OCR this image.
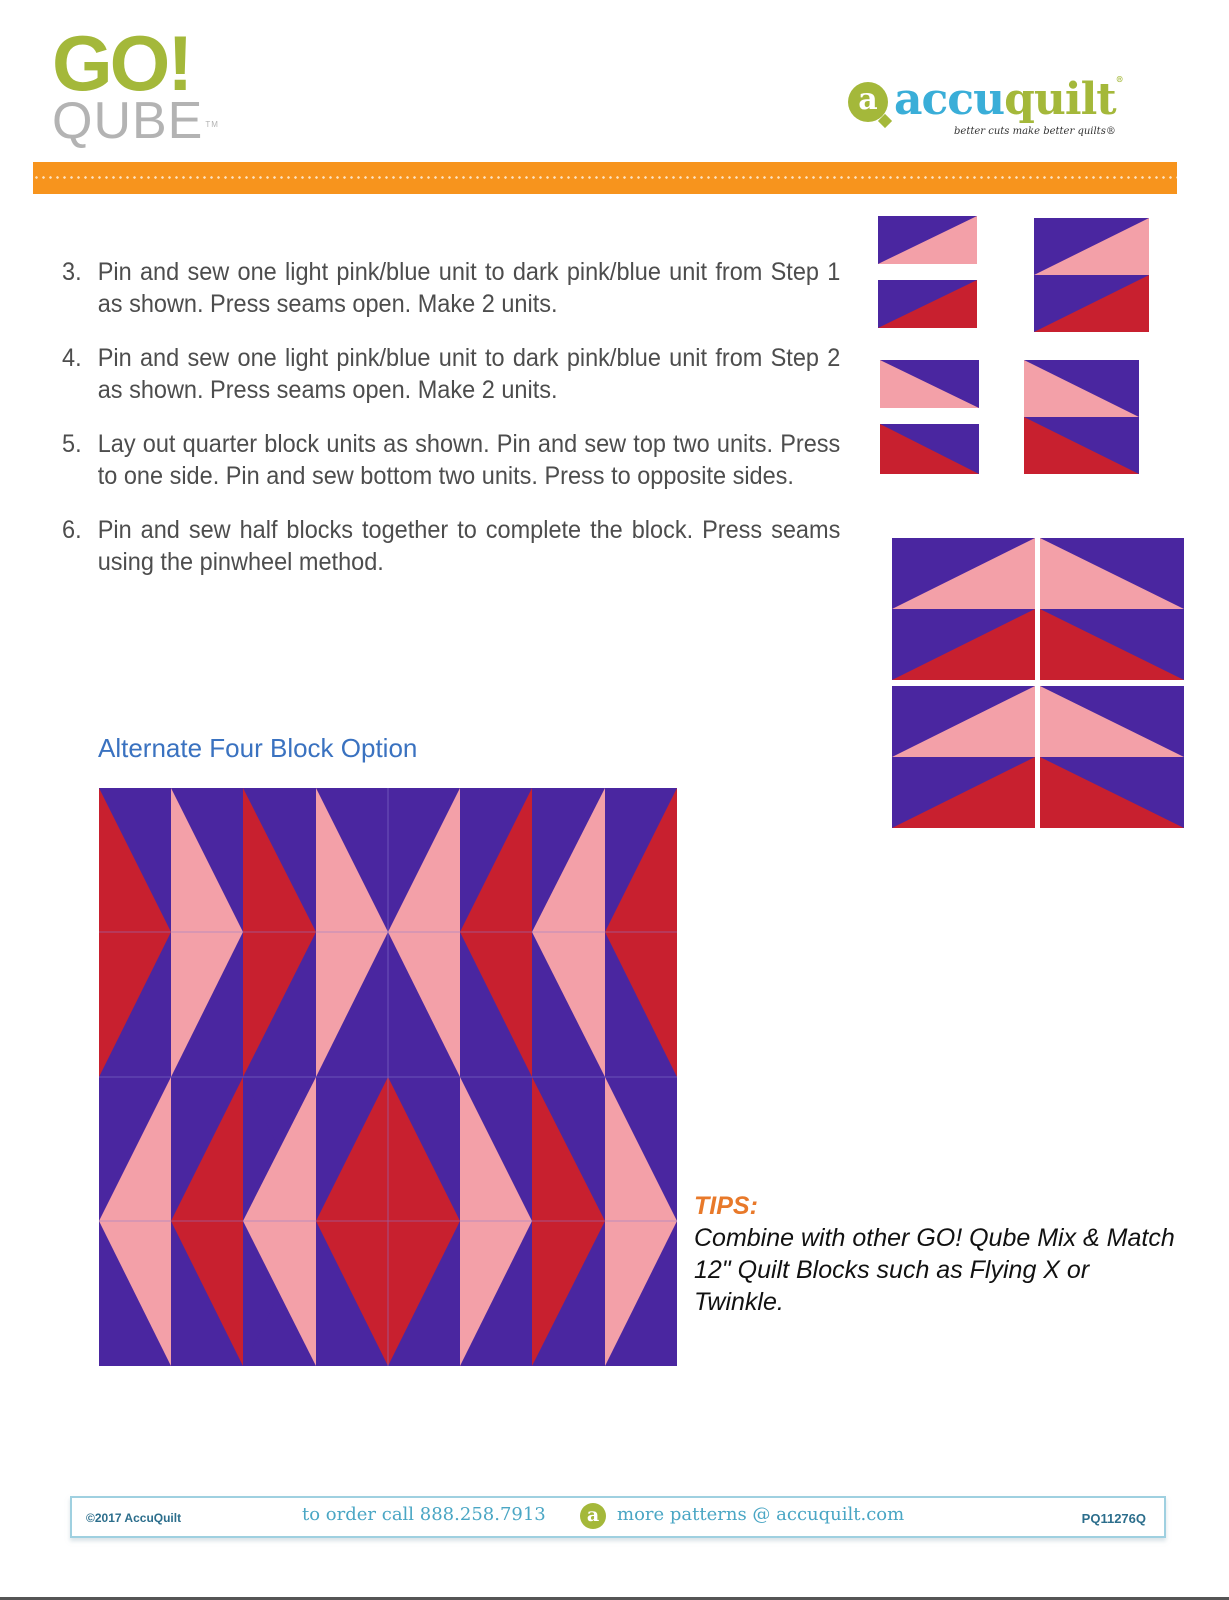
GO!
QUBE TM
a accuquilt®
better cuts make better quilts®
3. Pin and sew one light pink/blue unit to dark pink/blue unit from Step 1 as shown. Press seams open. Make 2 units.
4. Pin and sew one light pink/blue unit to dark pink/blue unit from Step 2 as shown. Press seams open. Make 2 units.
5. Lay out quarter block units as shown. Pin and sew top two units. Press to one side. Pin and sew bottom two units. Press to opposite sides.
6. Pin and sew half blocks together to complete the block. Press seams using the pinwheel method.
Alternate Four Block Option
TIPS:
Combine with other GO! Qube Mix & Match 12" Quilt Blocks such as Flying X or Twinkle.
©2017 AccuQuilt	to order call 888.258.7913	a more patterns @ accuquilt.com	PQ11276Q
